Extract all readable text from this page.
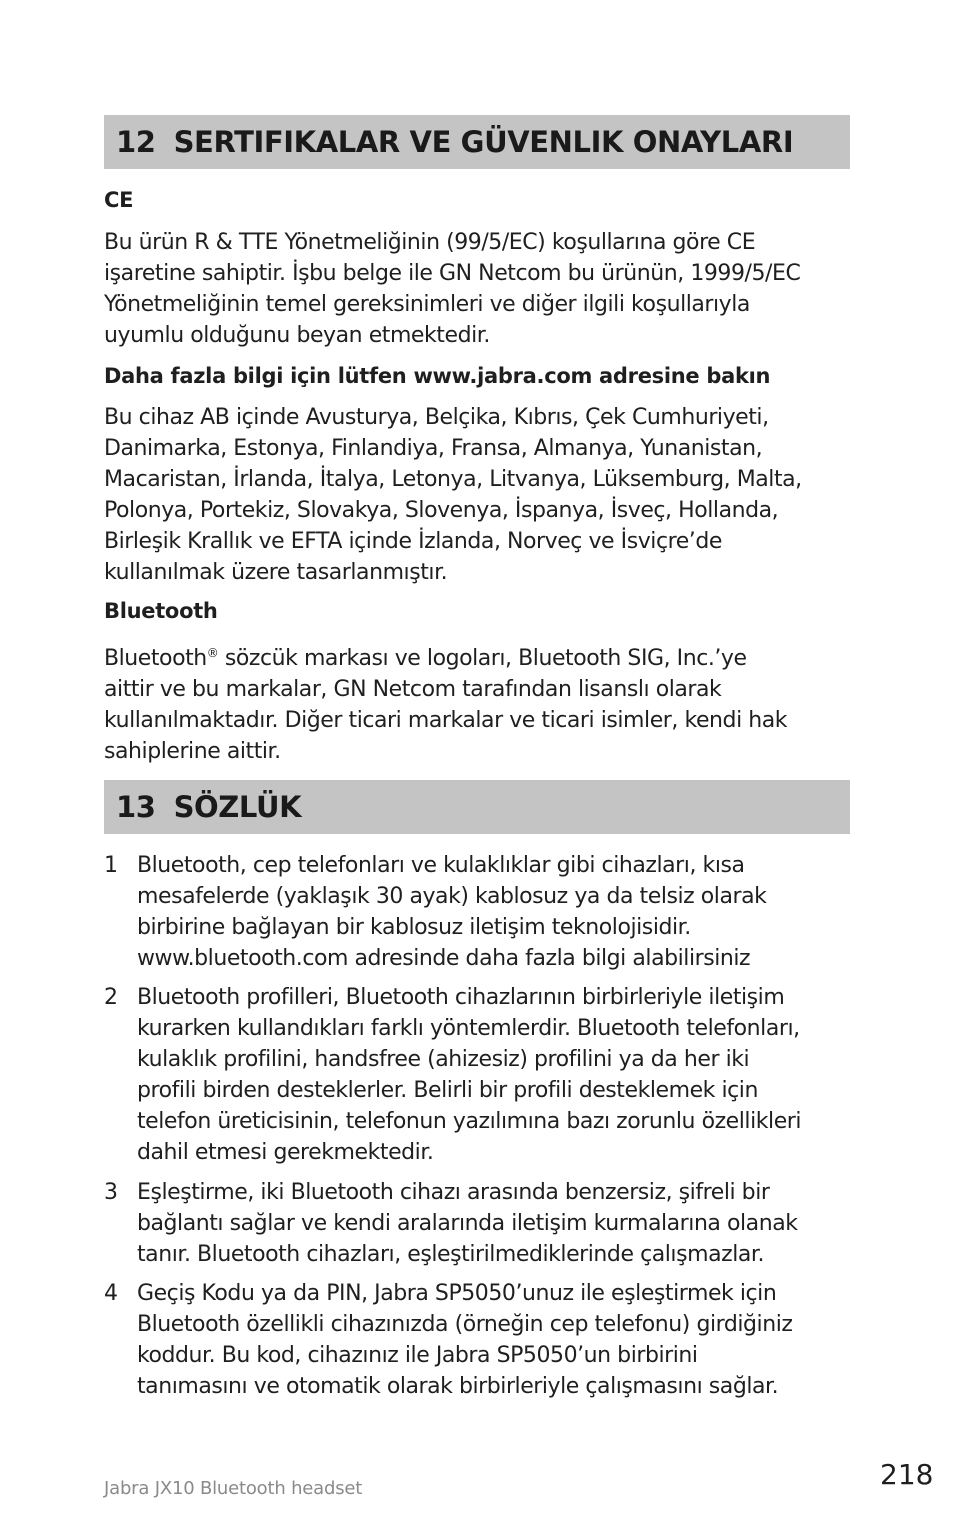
12 SERTIFIKALAR VE GÜVENLIK ONAYLARI
CE
Bu ürün R & TTE Yönetmeliğinin (99/5/EC) koşullarına göre CE
işaretine sahiptir. İşbu belge ile GN Netcom bu ürünün, 1999/5/EC
Yönetmeliğinin temel gereksinimleri ve diğer ilgili koşullarıyla
uyumlu olduğunu beyan etmektedir.
Daha fazla bilgi için lütfen www.jabra.com adresine bakın
Bu cihaz AB içinde Avusturya, Belçika, Kıbrıs, Çek Cumhuriyeti,
Danimarka, Estonya, Finlandiya, Fransa, Almanya, Yunanistan,
Macaristan, İrlanda, İtalya, Letonya, Litvanya, Lüksemburg, Malta,
Polonya, Portekiz, Slovakya, Slovenya, İspanya, İsveç, Hollanda,
Birleşik Krallık ve EFTA içinde İzlanda, Norveç ve İsviçre’de
kullanılmak üzere tasarlanmıştır.
Bluetooth
Bluetooth® sözcük markası ve logoları, Bluetooth SIG, Inc.’ye
aittir ve bu markalar, GN Netcom tarafından lisanslı olarak
kullanılmaktadır. Diğer ticari markalar ve ticari isimler, kendi hak
sahiplerine aittir.
13 SÖZLÜK
1 Bluetooth, cep telefonları ve kulaklıklar gibi cihazları, kısa
mesafelerde (yaklaşık 30 ayak) kablosuz ya da telsiz olarak
birbirine bağlayan bir kablosuz iletişim teknolojisidir.
www.bluetooth.com adresinde daha fazla bilgi alabilirsiniz
2 Bluetooth profilleri, Bluetooth cihazlarının birbirleriyle iletişim
kurarken kullandıkları farklı yöntemlerdir. Bluetooth telefonları,
kulaklık profilini, handsfree (ahizesiz) profilini ya da her iki
profili birden desteklerler. Belirli bir profili desteklemek için
telefon üreticisinin, telefonun yazılımına bazı zorunlu özellikleri
dahil etmesi gerekmektedir.
3 Eşleştirme, iki Bluetooth cihazı arasında benzersiz, şifreli bir
bağlantı sağlar ve kendi aralarında iletişim kurmalarına olanak
tanır. Bluetooth cihazları, eşleştirilmediklerinde çalışmazlar.
4 Geçiş Kodu ya da PIN, Jabra SP5050’unuz ile eşleştirmek için
Bluetooth özellikli cihazınızda (örneğin cep telefonu) girdiğiniz
koddur. Bu kod, cihazınız ile Jabra SP5050’un birbirini
tanımasını ve otomatik olarak birbirleriyle çalışmasını sağlar.
Jabra JX10 Bluetooth headset	218
